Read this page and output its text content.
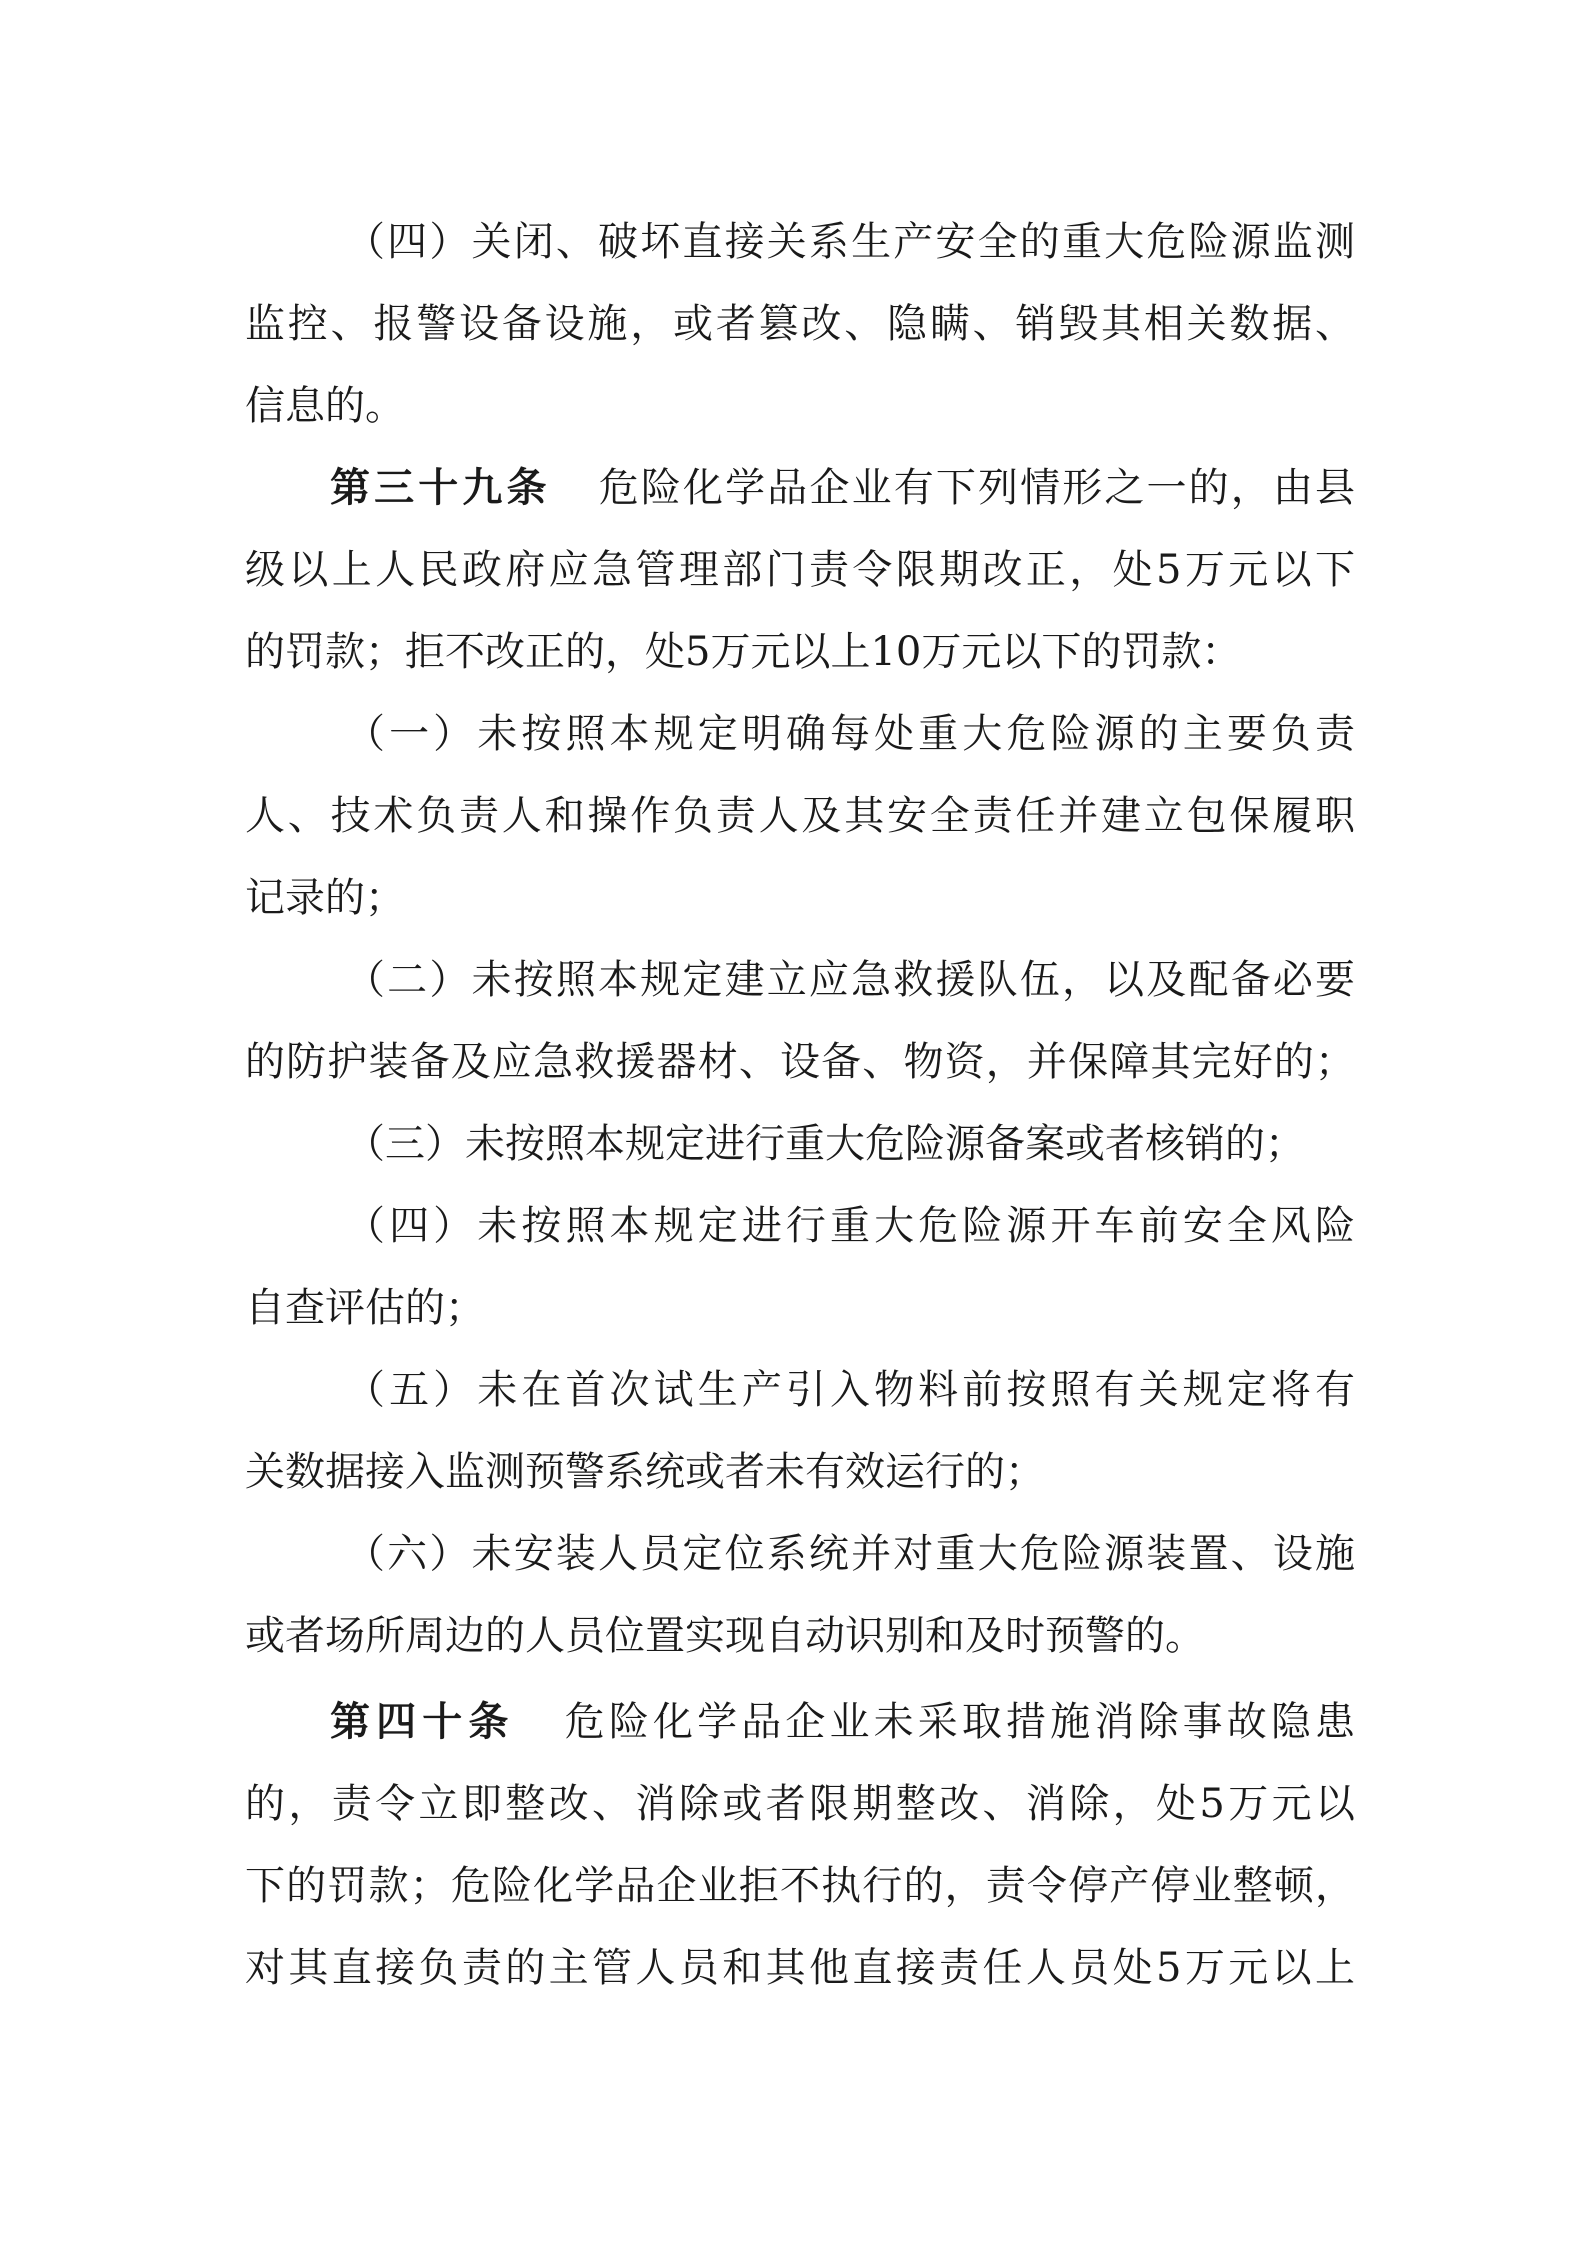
（四）关闭、破坏直接关系生产安全的重大危险源监测
监控、报警设备设施，或者篡改、隐瞒、销毁其相关数据、
信息的。
第三十九条 危险化学品企业有下列情形之一的，由县
级以上人民政府应急管理部门责令限期改正，处5万元以下
的罚款；拒不改正的，处5万元以上10万元以下的罚款：
（一）未按照本规定明确每处重大危险源的主要负责
人、技术负责人和操作负责人及其安全责任并建立包保履职
记录的；
（二）未按照本规定建立应急救援队伍，以及配备必要
的防护装备及应急救援器材、设备、物资，并保障其完好的；
（三）未按照本规定进行重大危险源备案或者核销的；
（四）未按照本规定进行重大危险源开车前安全风险
自查评估的；
（五）未在首次试生产引入物料前按照有关规定将有
关数据接入监测预警系统或者未有效运行的；
（六）未安装人员定位系统并对重大危险源装置、设施
或者场所周边的人员位置实现自动识别和及时预警的。
第四十条 危险化学品企业未采取措施消除事故隐患
的，责令立即整改、消除或者限期整改、消除，处5万元以
下的罚款；危险化学品企业拒不执行的，责令停产停业整顿，
对其直接负责的主管人员和其他直接责任人员处5万元以上
